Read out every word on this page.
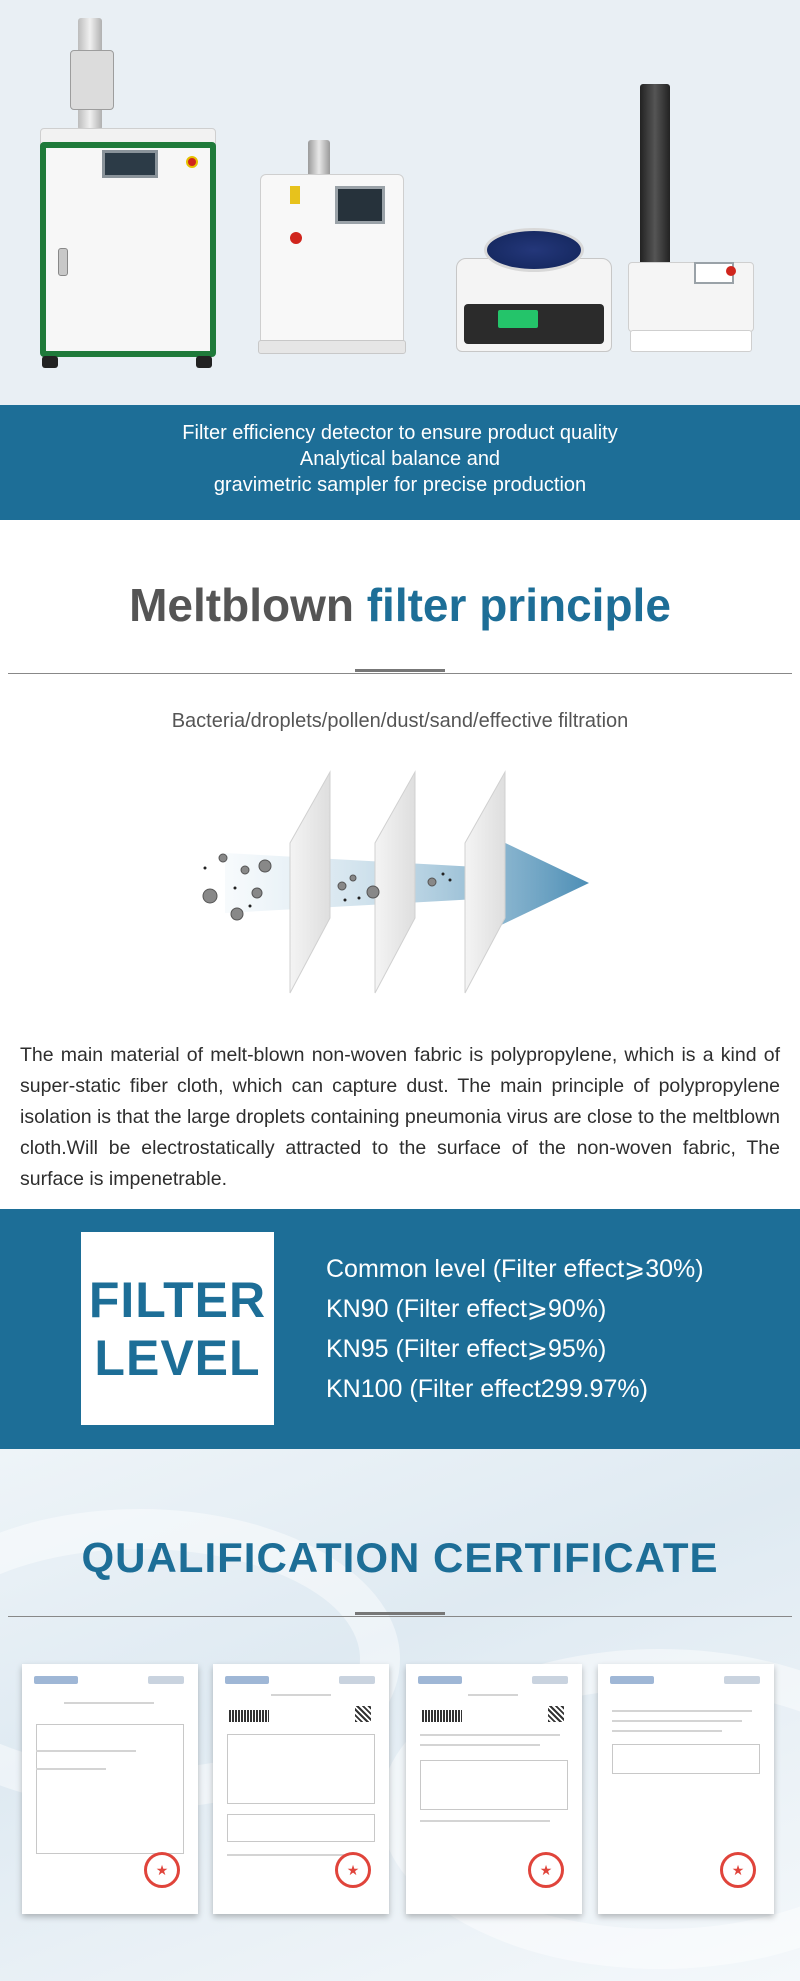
Filter efficiency detector to ensure product quality

Analytical balance and

gravimetric sampler for precise production

Meltblown filter principle

Bacteria/droplets/pollen/dust/sand/effective filtration

The main material of melt-blown non-woven fabric is polypropylene, which is a kind of super-static fiber cloth, which can capture dust. The main principle of polypropylene isolation is that the large droplets containing pneumonia virus are close to the meltblown cloth.Will be electrostatically attracted to the surface of the non-woven fabric, The surface is impenetrable.

FILTER
LEVEL
Common level (Filter effect⩾30%)
KN90 (Filter effect⩾90%)
KN95 (Filter effect⩾95%)
KN100 (Filter effect299.97%)
QUALIFICATION CERTIFICATE
★	★	★	★
